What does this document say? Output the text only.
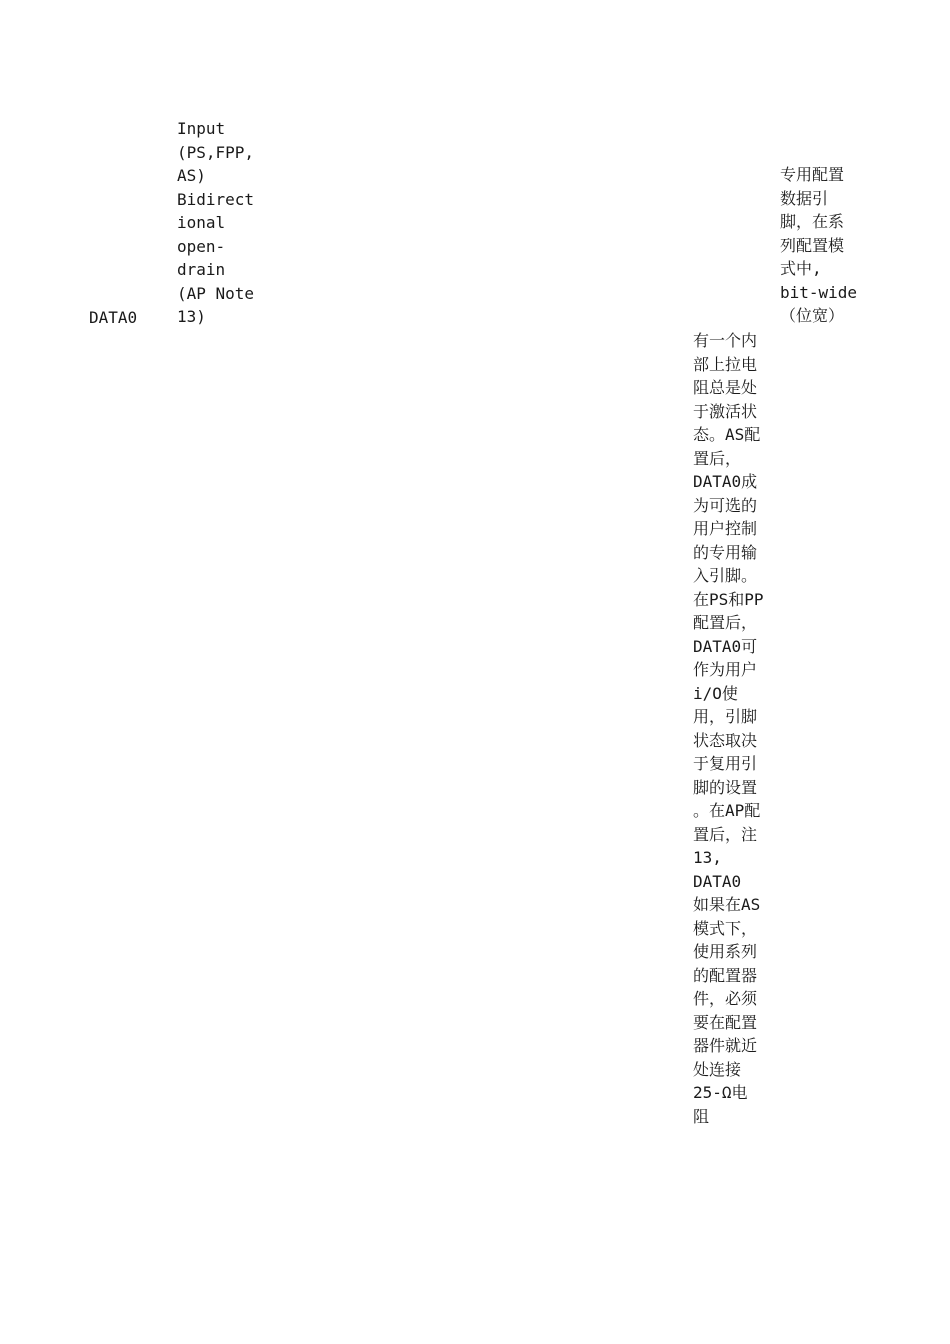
DATA0
Input
(PS,FPP,
AS)
Bidirect
ional
open-
drain
(AP Note
13)
专用配置
数据引
脚，在系
列配置模
式中,
bit-wide
（位宽）
有一个内
部上拉电
阻总是处
于激活状
态。AS配
置后，
DATA0成
为可选的
用户控制
的专用输
入引脚。
在PS和PP
配置后，
DATA0可
作为用户
i/O使
用，引脚
状态取决
于复用引
脚的设置
。在AP配
置后，注
13,
DATA0
如果在AS
模式下，
使用系列
的配置器
件，必须
要在配置
器件就近
处连接
25-Ω电
阻
